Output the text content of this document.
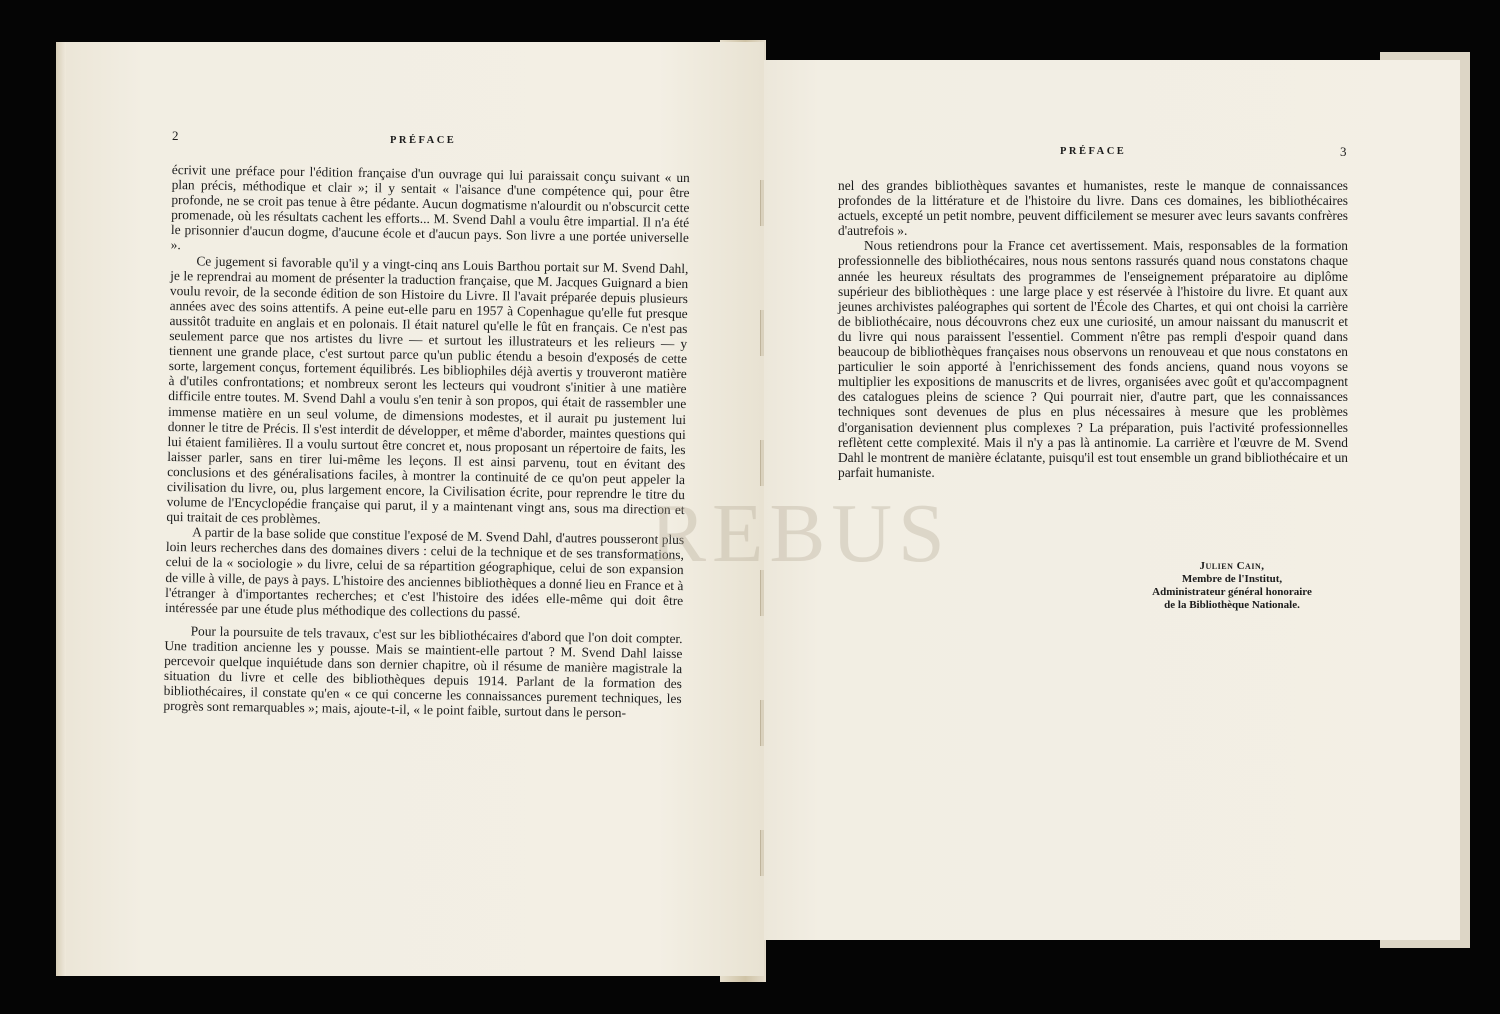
2	PRÉFACE

écrivit une préface pour l'édition française d'un ouvrage qui lui paraissait conçu suivant « un plan précis, méthodique et clair »; il y sentait « l'aisance d'une compétence qui, pour être profonde, ne se croit pas tenue à être pédante. Aucun dogmatisme n'alourdit ou n'obscurcit cette promenade, où les résultats cachent les efforts... M. Svend Dahl a voulu être impartial. Il n'a été le prisonnier d'aucun dogme, d'aucune école et d'aucun pays. Son livre a une portée universelle ».

Ce jugement si favorable qu'il y a vingt-cinq ans Louis Barthou portait sur M. Svend Dahl, je le reprendrai au moment de présenter la traduction française, que M. Jacques Guignard a bien voulu revoir, de la seconde édition de son Histoire du Livre. Il l'avait préparée depuis plusieurs années avec des soins attentifs. A peine eut-elle paru en 1957 à Copenhague qu'elle fut presque aussitôt traduite en anglais et en polonais. Il était naturel qu'elle le fût en français. Ce n'est pas seulement parce que nos artistes du livre — et surtout les illustrateurs et les relieurs — y tiennent une grande place, c'est surtout parce qu'un public étendu a besoin d'exposés de cette sorte, largement conçus, fortement équilibrés. Les bibliophiles déjà avertis y trouveront matière à d'utiles confrontations; et nombreux seront les lecteurs qui voudront s'initier à une matière difficile entre toutes. M. Svend Dahl a voulu s'en tenir à son propos, qui était de rassembler une immense matière en un seul volume, de dimensions modestes, et il aurait pu justement lui donner le titre de Précis. Il s'est interdit de développer, et même d'aborder, maintes questions qui lui étaient familières. Il a voulu surtout être concret et, nous proposant un répertoire de faits, les laisser parler, sans en tirer lui-même les leçons. Il est ainsi parvenu, tout en évitant des conclusions et des généralisations faciles, à montrer la continuité de ce qu'on peut appeler la civilisation du livre, ou, plus largement encore, la Civilisation écrite, pour reprendre le titre du volume de l'Encyclopédie française qui parut, il y a maintenant vingt ans, sous ma direction et qui traitait de ces problèmes.

A partir de la base solide que constitue l'exposé de M. Svend Dahl, d'autres pousseront plus loin leurs recherches dans des domaines divers : celui de la technique et de ses transformations, celui de la « sociologie » du livre, celui de sa répartition géographique, celui de son expansion de ville à ville, de pays à pays. L'histoire des anciennes bibliothèques a donné lieu en France et à l'étranger à d'importantes recherches; et c'est l'histoire des idées elle-même qui doit être intéressée par une étude plus méthodique des collections du passé.

Pour la poursuite de tels travaux, c'est sur les bibliothécaires d'abord que l'on doit compter. Une tradition ancienne les y pousse. Mais se maintient-elle partout ? M. Svend Dahl laisse percevoir quelque inquiétude dans son dernier chapitre, où il résume de manière magistrale la situation du livre et celle des bibliothèques depuis 1914. Parlant de la formation des bibliothécaires, il constate qu'en « ce qui concerne les connaissances purement techniques, les progrès sont remarquables »; mais, ajoute-t-il, « le point faible, surtout dans le person-

PRÉFACE	3

nel des grandes bibliothèques savantes et humanistes, reste le manque de connaissances profondes de la littérature et de l'histoire du livre. Dans ces domaines, les bibliothécaires actuels, excepté un petit nombre, peuvent difficilement se mesurer avec leurs savants confrères d'autrefois ».

Nous retiendrons pour la France cet avertissement. Mais, responsables de la formation professionnelle des bibliothécaires, nous nous sentons rassurés quand nous constatons chaque année les heureux résultats des programmes de l'enseignement préparatoire au diplôme supérieur des bibliothèques : une large place y est réservée à l'histoire du livre. Et quant aux jeunes archivistes paléographes qui sortent de l'École des Chartes, et qui ont choisi la carrière de bibliothécaire, nous découvrons chez eux une curiosité, un amour naissant du manuscrit et du livre qui nous paraissent l'essentiel. Comment n'être pas rempli d'espoir quand dans beaucoup de bibliothèques françaises nous observons un renouveau et que nous constatons en particulier le soin apporté à l'enrichissement des fonds anciens, quand nous voyons se multiplier les expositions de manuscrits et de livres, organisées avec goût et qu'accompagnent des catalogues pleins de science ? Qui pourrait nier, d'autre part, que les connaissances techniques sont devenues de plus en plus nécessaires à mesure que les problèmes d'organisation deviennent plus complexes ? La préparation, puis l'activité professionnelles reflètent cette complexité. Mais il n'y a pas là antinomie. La carrière et l'œuvre de M. Svend Dahl le montrent de manière éclatante, puisqu'il est tout ensemble un grand bibliothécaire et un parfait humaniste.

Julien Cain,
Membre de l'Institut,
Administrateur général honoraire
de la Bibliothèque Nationale.
REBUS
